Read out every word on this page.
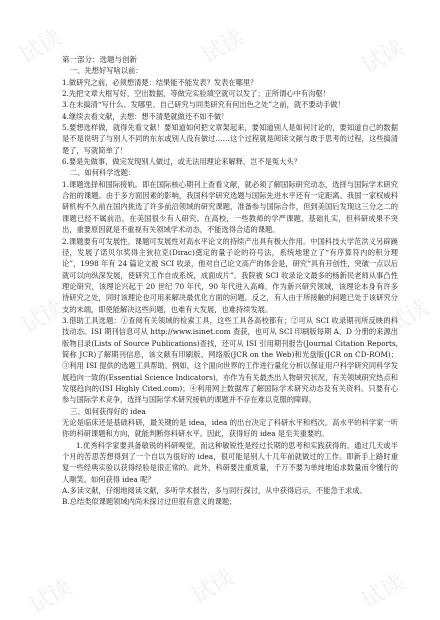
试读	试读	试读
试读	试读
试读	试读	试读

第一部分：选题与创新

一、先想好写啥以前：

1.做研究之前，必须想清楚：结果能不能发表？发表在哪里？

2.先把文章大框写好，空出数据，等做完实验填空就可以发了；正所谓心中有沟壑！

3.在未搞清“写什么、发哪里、自己研究与同类研究有何出色之处”之前，就不要动手做！

4.继续去看文献，去想：想不清楚就做还不如不做！

5.要想选样做，就得先看文献！要知道如何把文章架起来，要知道别人是如何讨论的，要知道自己的数据是不是说明了与别人不同的东东或别人没有做过……这个过程就是阅读文献与敢于思考的过程，这些搞清楚了，写就简单了！

6.要是先做事，做完发现别人做过，或无法用理论来解释，岂不是冤大头？

二、如何科学选题：

1.课题选择和国际接轨。即在国际核心期刊上查看文献，就必须了解国际研究动态，选择与国际学术研究合拍的课题。由于多方面因素的影响，我国科学研究选题与国际先进水平还有一定距离。我国一家权威科研机构不久前在国内挑选了许多前沿领域的研究课题，准备参与国际合作，但到美国后发现这三分之二的课题已经不属前沿，在美国很少有人研究。在高校，一些教师的学严课题、基础扎实，但科研成果不突出，重要原因就是不重视有关领域学术动态，不能选得合适的课题。

2.课题要有可发展性。课题可发展性对高水平论文的持续产出具有极大作用。中国科技大学范洪义另辟蹊径，发展了诺贝尔奖得主狄拉克(Dirac)奠定的量子论的符号法，系统地建立了“有序算符内的积分理论”，1998 年有 24 篇论文被 SCI 收录，他对自己论文高产的体会是，研究“具有开创性，突破一点以后就可以向纵深发展，使研究工作自成系统，成面成片”。我院被 SCI 收录论文最多的杨新民老师从事凸性理论研究，该理论兴起于 20 世纪 70 年代，90 年代进入高峰。作为新兴研究领域，该理论本身有许多待研究之处，同时该理论也可用来解决最优化方面的问题。反之，有人由于所接触的问题已处于该研究分支的末端，即使能解决这些问题，也难有大发展，也难持续发展。

3.借助工具选题：①查阅有关领域的检索工具，这些工具各高校都有；②可从 SCI 收录期刊所反映的科技动态。ISI 期刊信息可从 http://www.isinet.com 查获，也可从 SCI 印刷版每期 A、D 分册的来源出版物目录(Lists of Source Publications)查找，还可从 ISI 引用期刊报告(Journal Citation Reports, 简称 JCR)了解期刊信息，该文献有印刷版、网络版(JCR on the Web)和光盘版(JCR on CD-ROM)；③利用 ISI 提供的选题工具帮助，例如，这个面向世界的工作进行量化分析以保证用户科学研究同科学发展趋向一致的(Essential Science Indicators)，亦作为有关最杰出人物研究状况，有关领域研究热点和发展趋向的(ISI Highly Cited.com)；④利用网上数据库了解国际学术研究动态及有关资料。只要有心参与国际学术竞争，选择与国际学术研究接轨的课题并不存在难以克服的障碍。

三、如何获得好的 idea

无论是临床还是基础科研，最关键的是 idea，idea 的出台决定了科研水平和档次。高水平的科学家一听你的科研课题和方向，就能判断你科研水平。因此，获得好的 idea 是至关重要的。

1.优秀科学家要具备敏锐的科研嗅觉，而这种敏锐性是经过长期的思考和实践获得的。通过几天或半个月的苦思苦想得到了一个自以为很好的 idea，很可能是别人十几年前就做过的工作。即新手上路时重复一些经典实验以获得经验是很正常的。此外，科研要注重质量，千万不要为单纯地追求数量而令懂行的人嗤笑。如何获得 idea 呢？

A.多读文献，仔细地阅读文献，多听学术报告，多与同行探讨，从中获得启示，不能急于求成。

B.总结类似课题领域内尚未探讨过但很有意义的课题；
